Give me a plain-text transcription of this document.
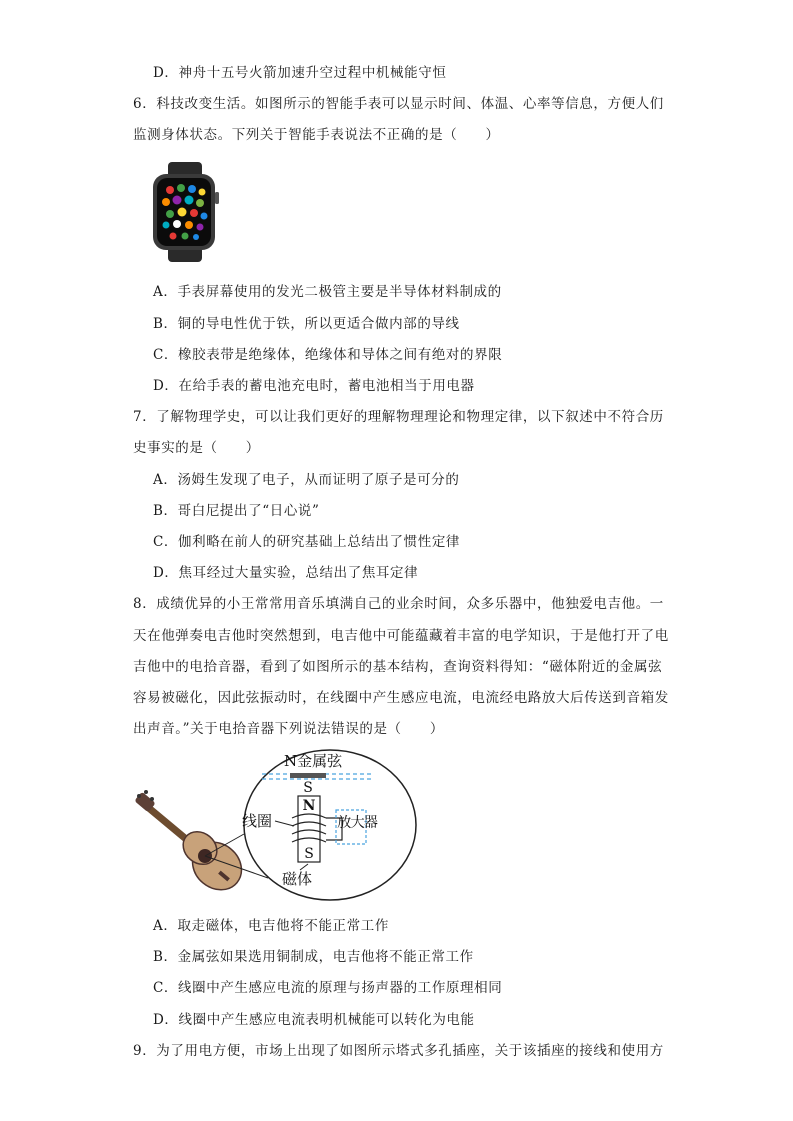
D．神舟十五号火箭加速升空过程中机械能守恒
6．科技改变生活。如图所示的智能手表可以显示时间、体温、心率等信息，方便人们
监测身体状态。下列关于智能手表说法不正确的是（　　）
A．手表屏幕使用的发光二极管主要是半导体材料制成的
B．铜的导电性优于铁，所以更适合做内部的导线
C．橡胶表带是绝缘体，绝缘体和导体之间有绝对的界限
D．在给手表的蓄电池充电时，蓄电池相当于用电器
7．了解物理学史，可以让我们更好的理解物理理论和物理定律，以下叙述中不符合历
史事实的是（　　）
A．汤姆生发现了电子，从而证明了原子是可分的
B．哥白尼提出了“日心说”
C．伽利略在前人的研究基础上总结出了惯性定律
D．焦耳经过大量实验，总结出了焦耳定律
8．成绩优异的小王常常用音乐填满自己的业余时间，众多乐器中，他独爱电吉他。一
天在他弹奏电吉他时突然想到，电吉他中可能蕴藏着丰富的电学知识，于是他打开了电
吉他中的电拾音器，看到了如图所示的基本结构，查询资料得知：“磁体附近的金属弦
容易被磁化，因此弦振动时，在线圈中产生感应电流，电流经电路放大后传送到音箱发
出声音。”关于电拾音器下列说法错误的是（　　）
N金属弦
S
N
S
线圈	放大器
磁体
A．取走磁体，电吉他将不能正常工作
B．金属弦如果选用铜制成，电吉他将不能正常工作
C．线圈中产生感应电流的原理与扬声器的工作原理相同
D．线圈中产生感应电流表明机械能可以转化为电能
9．为了用电方便，市场上出现了如图所示塔式多孔插座，关于该插座的接线和使用方
